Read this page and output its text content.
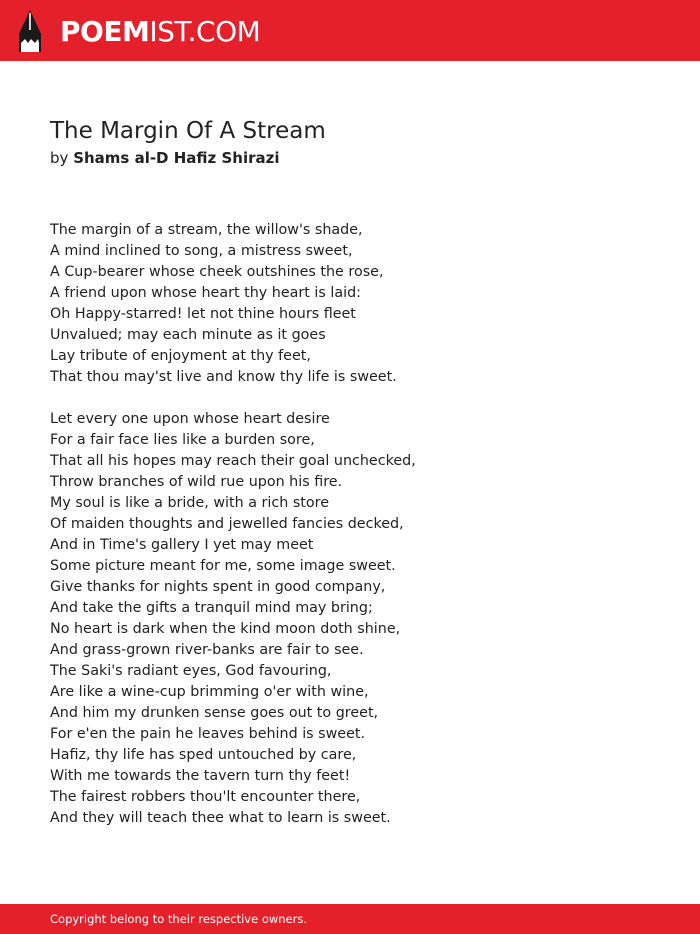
POEMIST.COM
The Margin Of A Stream
by Shams al-D Hafiz Shirazi
The margin of a stream, the willow's shade,
A mind inclined to song, a mistress sweet,
A Cup-bearer whose cheek outshines the rose,
A friend upon whose heart thy heart is laid:
Oh Happy-starred! let not thine hours fleet
Unvalued; may each minute as it goes
Lay tribute of enjoyment at thy feet,
That thou may'st live and know thy life is sweet.
Let every one upon whose heart desire
For a fair face lies like a burden sore,
That all his hopes may reach their goal unchecked,
Throw branches of wild rue upon his fire.
My soul is like a bride, with a rich store
Of maiden thoughts and jewelled fancies decked,
And in Time's gallery I yet may meet
Some picture meant for me, some image sweet.
Give thanks for nights spent in good company,
And take the gifts a tranquil mind may bring;
No heart is dark when the kind moon doth shine,
And grass-grown river-banks are fair to see.
The Saki's radiant eyes, God favouring,
Are like a wine-cup brimming o'er with wine,
And him my drunken sense goes out to greet,
For e'en the pain he leaves behind is sweet.
Hafiz, thy life has sped untouched by care,
With me towards the tavern turn thy feet!
The fairest robbers thou'lt encounter there,
And they will teach thee what to learn is sweet.
Copyright belong to their respective owners.
